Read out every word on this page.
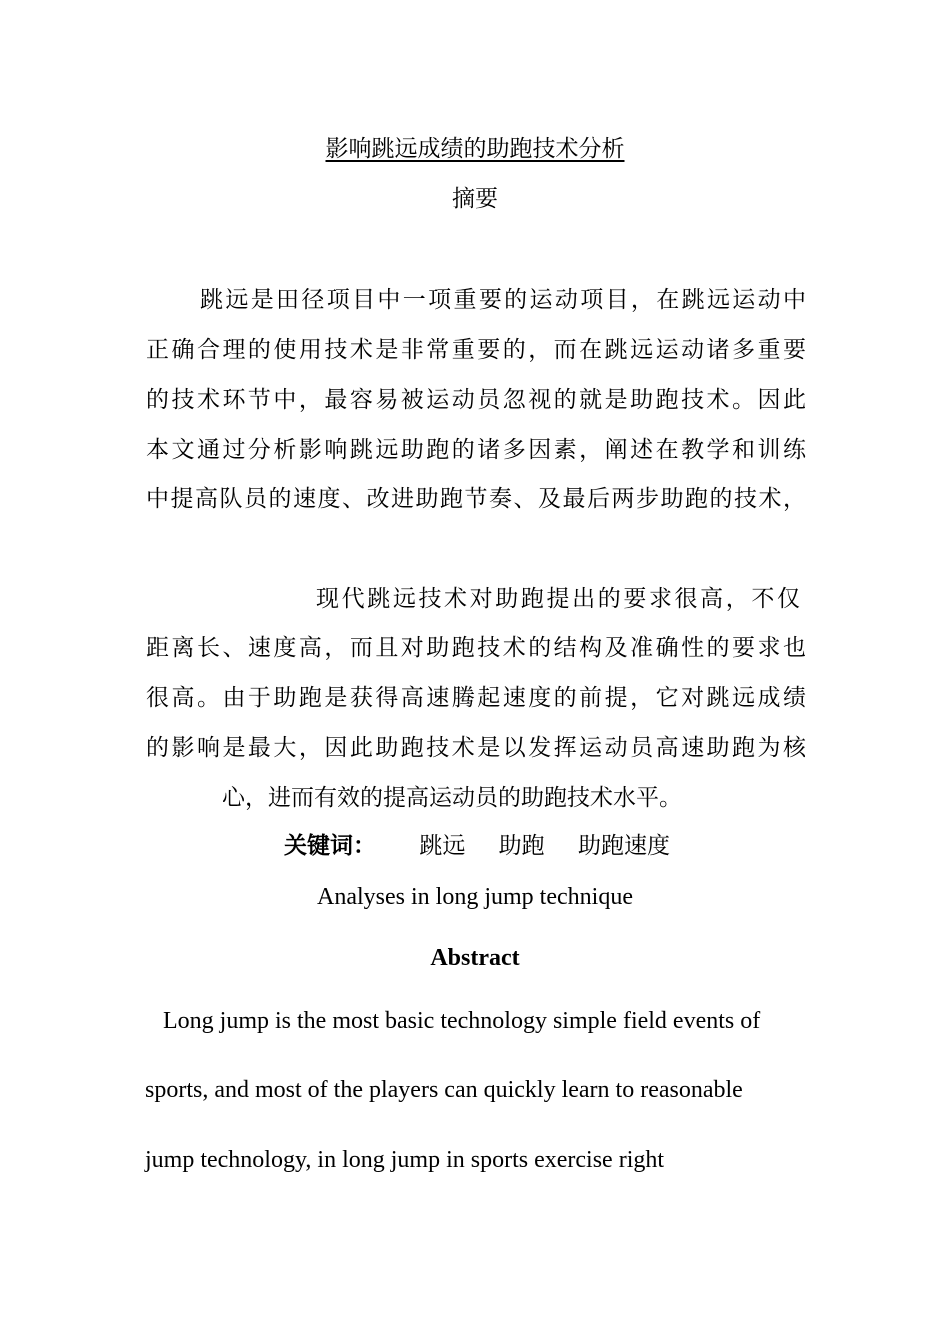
影响跳远成绩的助跑技术分析
摘要
跳远是田径项目中一项重要的运动项目，在跳远运动中
正确合理的使用技术是非常重要的，而在跳远运动诸多重要
的技术环节中，最容易被运动员忽视的就是助跑技术。因此
本文通过分析影响跳远助跑的诸多因素，阐述在教学和训练
中提高队员的速度、改进助跑节奏、及最后两步助跑的技术，
现代跳远技术对助跑提出的要求很高，不仅
距离长、速度高，而且对助跑技术的结构及准确性的要求也
很高。由于助跑是获得高速腾起速度的前提，它对跳远成绩
的影响是最大，因此助跑技术是以发挥运动员高速助跑为核
心，进而有效的提高运动员的助跑技术水平。
关键词： 跳远 助跑 助跑速度
Analyses in long jump technique
Abstract
Long jump is the most basic technology simple field events of
sports, and most of the players can quickly learn to reasonable
jump technology, in long jump in sports exercise right
